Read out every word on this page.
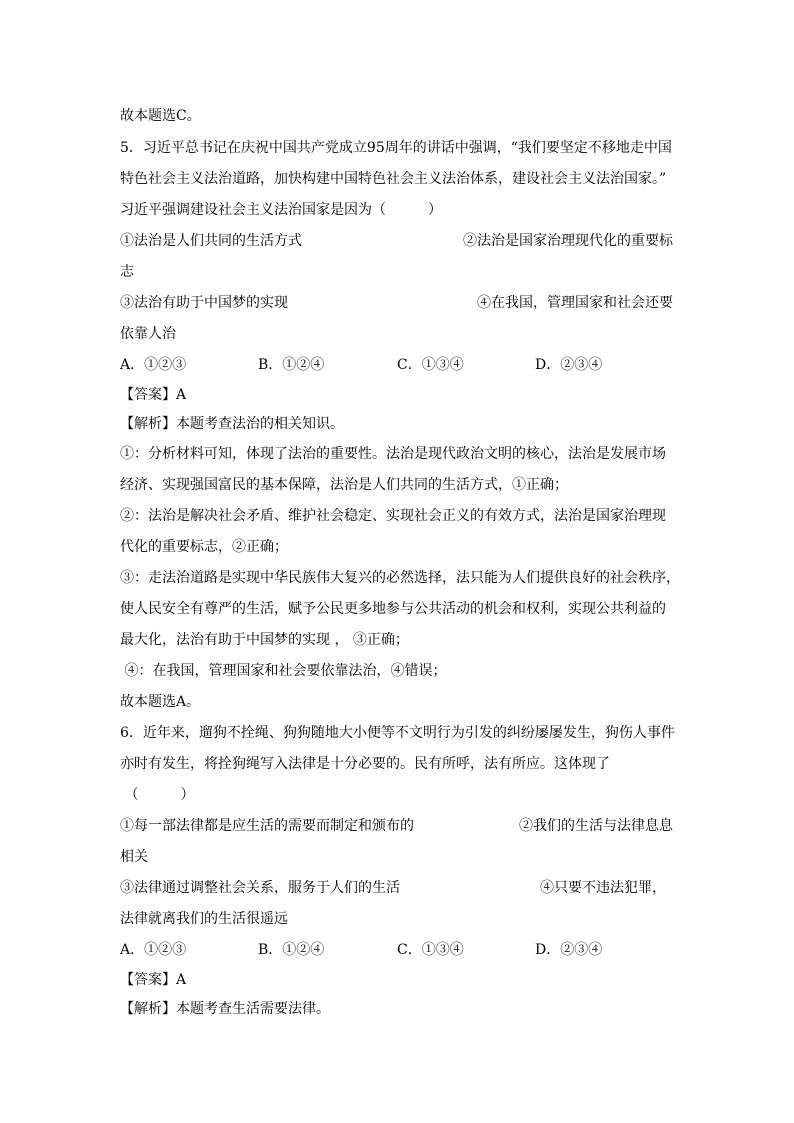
故本题选C。
5．习近平总书记在庆祝中国共产党成立95周年的讲话中强调，“我们要坚定不移地走中国
特色社会主义法治道路，加快构建中国特色社会主义法治体系，建设社会主义法治国家。”
习近平强调建设社会主义法治国家是因为（　　　）
①法治是人们共同的生活方式	②法治是国家治理现代化的重要标
志
③法治有助于中国梦的实现	④在我国，管理国家和社会还要
依靠人治
A．①②③	B．①②④	C．①③④	D．②③④
【答案】A
【解析】本题考查法治的相关知识。
①：分析材料可知，体现了法治的重要性。法治是现代政治文明的核心，法治是发展市场
经济、实现强国富民的基本保障，法治是人们共同的生活方式，①正确；
②：法治是解决社会矛盾、维护社会稳定、实现社会正义的有效方式，法治是国家治理现
代化的重要标志，②正确；
③：走法治道路是实现中华民族伟大复兴的必然选择，法只能为人们提供良好的社会秩序，
使人民安全有尊严的生活，赋予公民更多地参与公共活动的机会和权利，实现公共利益的
最大化，法治有助于中国梦的实现 ， ③正确；
④：在我国，管理国家和社会要依靠法治，④错误；
故本题选A。
6．近年来，遛狗不拴绳、狗狗随地大小便等不文明行为引发的纠纷屡屡发生，狗伤人事件
亦时有发生，将拴狗绳写入法律是十分必要的。民有所呼，法有所应。这体现了
（　　　）
①每一部法律都是应生活的需要而制定和颁布的	②我们的生活与法律息息
相关
③法律通过调整社会关系，服务于人们的生活	④只要不违法犯罪，
法律就离我们的生活很遥远
A．①②③	B．①②④	C．①③④	D．②③④
【答案】A
【解析】本题考查生活需要法律。
